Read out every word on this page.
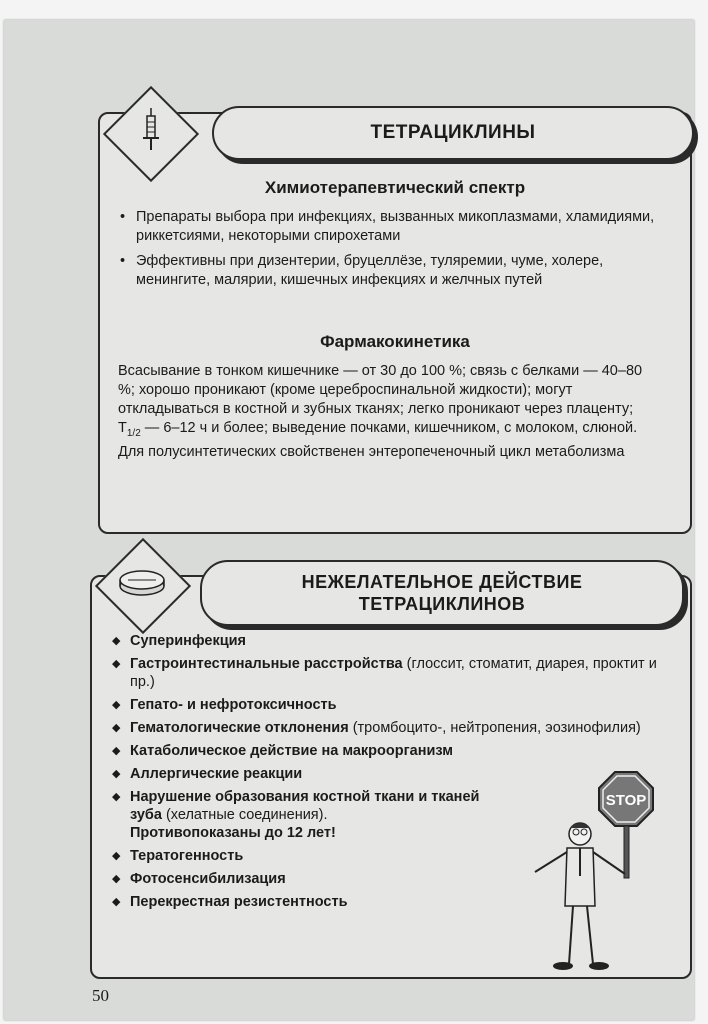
ТЕТРАЦИКЛИНЫ
Химиотерапевтический спектр
• Препараты выбора при инфекциях, вызванных микоплазмами, хламидиями, риккетсиями, некоторыми спирохетами
• Эффективны при дизентерии, бруцеллёзе, туляремии, чуме, холере, менингите, малярии, кишечных инфекциях и желчных путей
Фармакокинетика
Всасывание в тонком кишечнике — от 30 до 100 %; связь с белками — 40–80 %; хорошо проникают (кроме цереброспинальной жидкости); могут откладываться в костной и зубных тканях; легко проникают через плаценту; $T_{1/2}$ — 6–12 ч и более; выведение почками, кишечником, с молоком, слюной. Для полусинтетических свойственен энтеропеченочный цикл метаболизма
НЕЖЕЛАТЕЛЬНОЕ ДЕЙСТВИЕ
ТЕТРАЦИКЛИНОВ
◆ Суперинфекция
◆ Гастроинтестинальные расстройства (глоссит, стоматит, диарея, проктит и пр.)
◆ Гепато- и нефротоксичность
◆ Гематологические отклонения (тромбоцито-, нейтропения, эозинофилия)
◆ Катаболическое действие на макроорганизм
◆ Аллергические реакции
◆ Нарушение образования костной ткани и тканей зуба (хелатные соединения).
Противопоказаны до 12 лет!
◆ Тератогенность
◆ Фотосенсибилизация
◆ Перекрестная резистентность
STOP
50
